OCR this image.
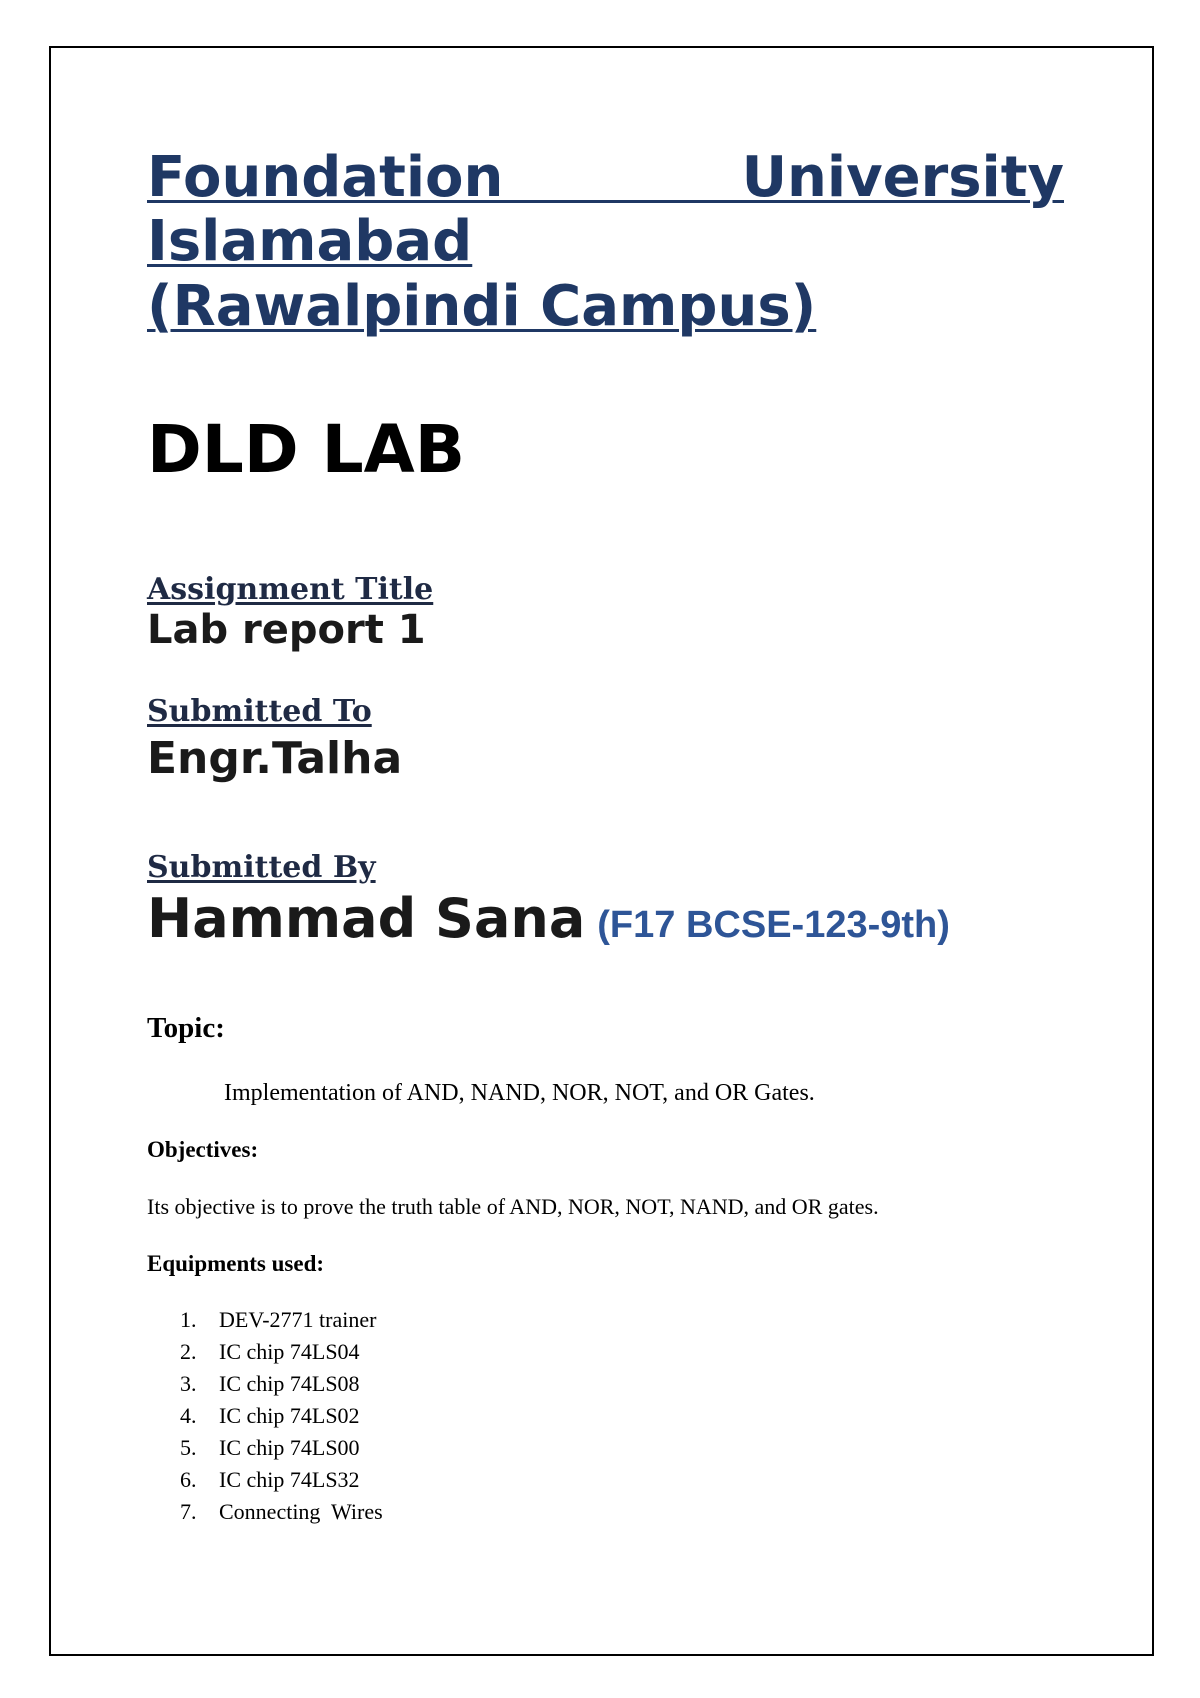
Foundation	University
Islamabad
(Rawalpindi Campus)
DLD LAB
Assignment Title
Lab report 1
Submitted To
Engr.Talha
Submitted By
Hammad Sana (F17 BCSE-123-9th)
Topic:
Implementation of AND, NAND, NOR, NOT, and OR Gates.
Objectives:
Its objective is to prove the truth table of AND, NOR, NOT, NAND, and OR gates.
Equipments used:
1.	DEV-2771 trainer
2.	IC chip 74LS04
3.	IC chip 74LS08
4.	IC chip 74LS02
5.	IC chip 74LS00
6.	IC chip 74LS32
7.	Connecting  Wires
